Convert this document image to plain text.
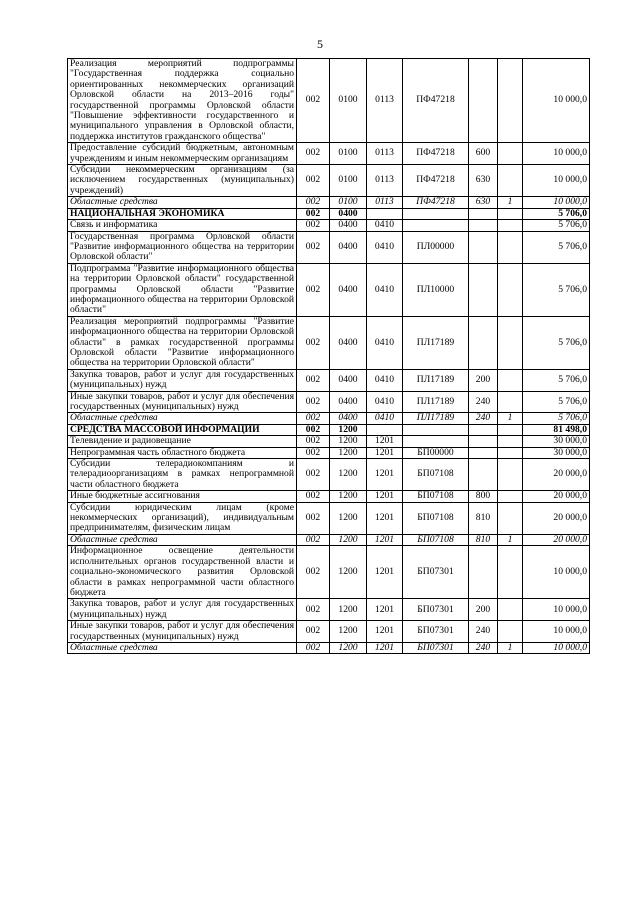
5
Реализация мероприятий подпрограммы "Государственная поддержка социально ориентированных некоммерческих организаций Орловской области на 2013–2016 годы" государственной программы Орловской области "Повышение эффективности государственного и муниципального управления в Орловской области, поддержка институтов гражданского общества"	002	0100	0113	ПФ47218			10 000,0
Предоставление субсидий бюджетным, автономным учреждениям и иным некоммерческим организациям	002	0100	0113	ПФ47218	600		10 000,0
Субсидии некоммерческим организациям (за исключением государственных (муниципальных) учреждений)	002	0100	0113	ПФ47218	630		10 000,0
Областные средства	002	0100	0113	ПФ47218	630	1	10 000,0
НАЦИОНАЛЬНАЯ ЭКОНОМИКА	002	0400					5 706,0
Связь и информатика	002	0400	0410				5 706,0
Государственная программа Орловской области "Развитие информационного общества на территории Орловской области"	002	0400	0410	ПЛ00000			5 706,0
Подпрограмма "Развитие информационного общества на территории Орловской области" государственной программы Орловской области "Развитие информационного общества на территории Орловской области"	002	0400	0410	ПЛ10000			5 706,0
Реализация мероприятий подпрограммы "Развитие информационного общества на территории Орловской области" в рамках государственной программы Орловской области "Развитие информационного общества на территории Орловской области"	002	0400	0410	ПЛ17189			5 706,0
Закупка товаров, работ и услуг для государственных (муниципальных) нужд	002	0400	0410	ПЛ17189	200		5 706,0
Иные закупки товаров, работ и услуг для обеспечения государственных (муниципальных) нужд	002	0400	0410	ПЛ17189	240		5 706,0
Областные средства	002	0400	0410	ПЛ17189	240	1	5 706,0
СРЕДСТВА МАССОВОЙ ИНФОРМАЦИИ	002	1200					81 498,0
Телевидение и радиовещание	002	1200	1201				30 000,0
Непрограммная часть областного бюджета	002	1200	1201	БП00000			30 000,0
Субсидии телерадиокомпаниям и телерадиоорганизациям в рамках непрограммной части областного бюджета	002	1200	1201	БП07108			20 000,0
Иные бюджетные ассигнования	002	1200	1201	БП07108	800		20 000,0
Субсидии юридическим лицам (кроме некоммерческих организаций), индивидуальным предпринимателям, физическим лицам	002	1200	1201	БП07108	810		20 000,0
Областные средства	002	1200	1201	БП07108	810	1	20 000,0
Информационное освещение деятельности исполнительных органов государственной власти и социально-экономического развития Орловской области в рамках непрограммной части областного бюджета	002	1200	1201	БП07301			10 000,0
Закупка товаров, работ и услуг для государственных (муниципальных) нужд	002	1200	1201	БП07301	200		10 000,0
Иные закупки товаров, работ и услуг для обеспечения государственных (муниципальных) нужд	002	1200	1201	БП07301	240		10 000,0
Областные средства	002	1200	1201	БП07301	240	1	10 000,0
